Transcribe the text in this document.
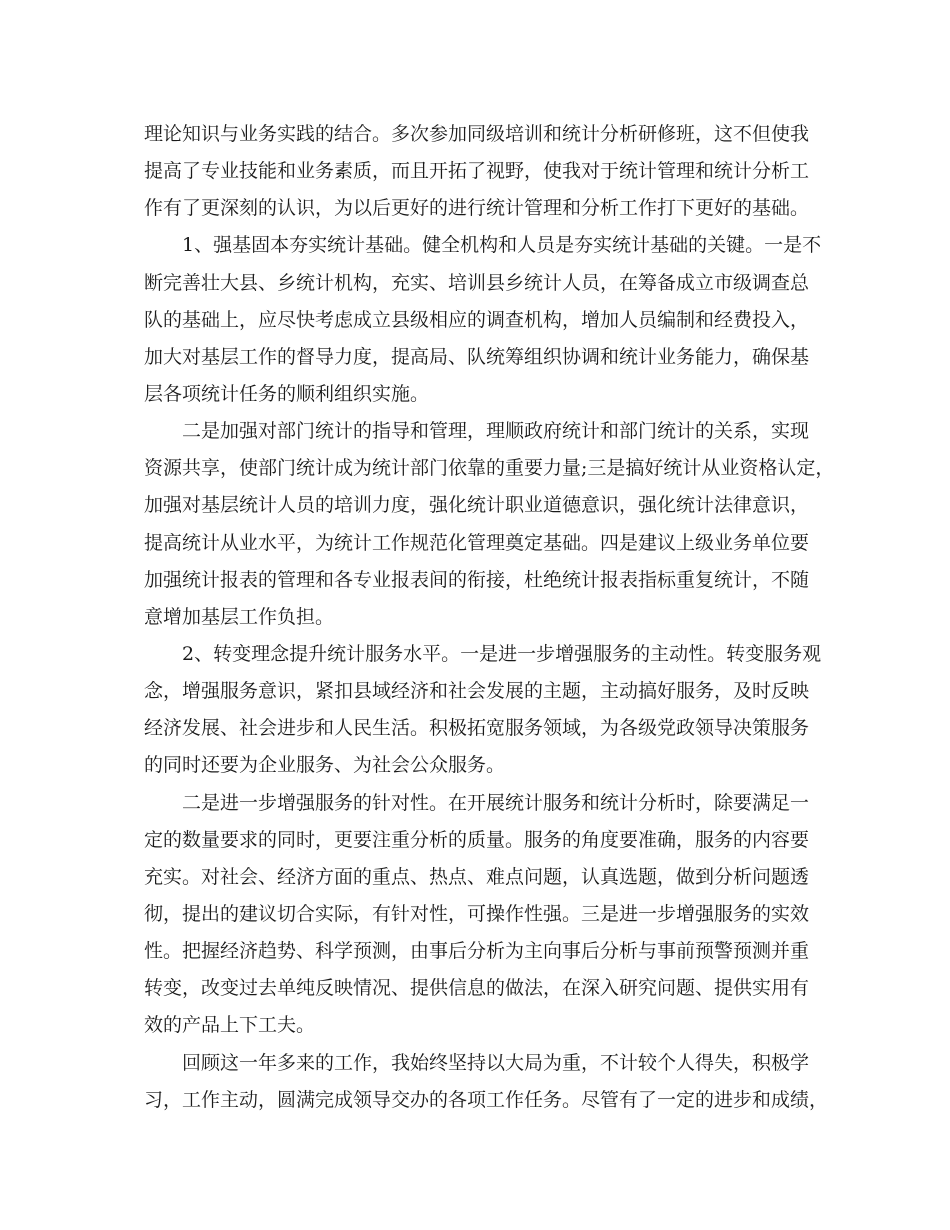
理论知识与业务实践的结合。多次参加同级培训和统计分析研修班，这不但使我

提高了专业技能和业务素质，而且开拓了视野，使我对于统计管理和统计分析工

作有了更深刻的认识，为以后更好的进行统计管理和分析工作打下更好的基础。

1、强基固本夯实统计基础。健全机构和人员是夯实统计基础的关键。一是不

断完善壮大县、乡统计机构，充实、培训县乡统计人员，在筹备成立市级调查总

队的基础上，应尽快考虑成立县级相应的调查机构，增加人员编制和经费投入，

加大对基层工作的督导力度，提高局、队统筹组织协调和统计业务能力，确保基

层各项统计任务的顺利组织实施。

二是加强对部门统计的指导和管理，理顺政府统计和部门统计的关系，实现

资源共享，使部门统计成为统计部门依靠的重要力量;三是搞好统计从业资格认定，

加强对基层统计人员的培训力度，强化统计职业道德意识，强化统计法律意识，

提高统计从业水平，为统计工作规范化管理奠定基础。四是建议上级业务单位要

加强统计报表的管理和各专业报表间的衔接，杜绝统计报表指标重复统计，不随

意增加基层工作负担。

2、转变理念提升统计服务水平。一是进一步增强服务的主动性。转变服务观

念，增强服务意识，紧扣县域经济和社会发展的主题，主动搞好服务，及时反映

经济发展、社会进步和人民生活。积极拓宽服务领域，为各级党政领导决策服务

的同时还要为企业服务、为社会公众服务。

二是进一步增强服务的针对性。在开展统计服务和统计分析时，除要满足一

定的数量要求的同时，更要注重分析的质量。服务的角度要准确，服务的内容要

充实。对社会、经济方面的重点、热点、难点问题，认真选题，做到分析问题透

彻，提出的建议切合实际，有针对性，可操作性强。三是进一步增强服务的实效

性。把握经济趋势、科学预测，由事后分析为主向事后分析与事前预警预测并重

转变，改变过去单纯反映情况、提供信息的做法，在深入研究问题、提供实用有

效的产品上下工夫。

回顾这一年多来的工作，我始终坚持以大局为重，不计较个人得失，积极学

习，工作主动，圆满完成领导交办的各项工作任务。尽管有了一定的进步和成绩，
